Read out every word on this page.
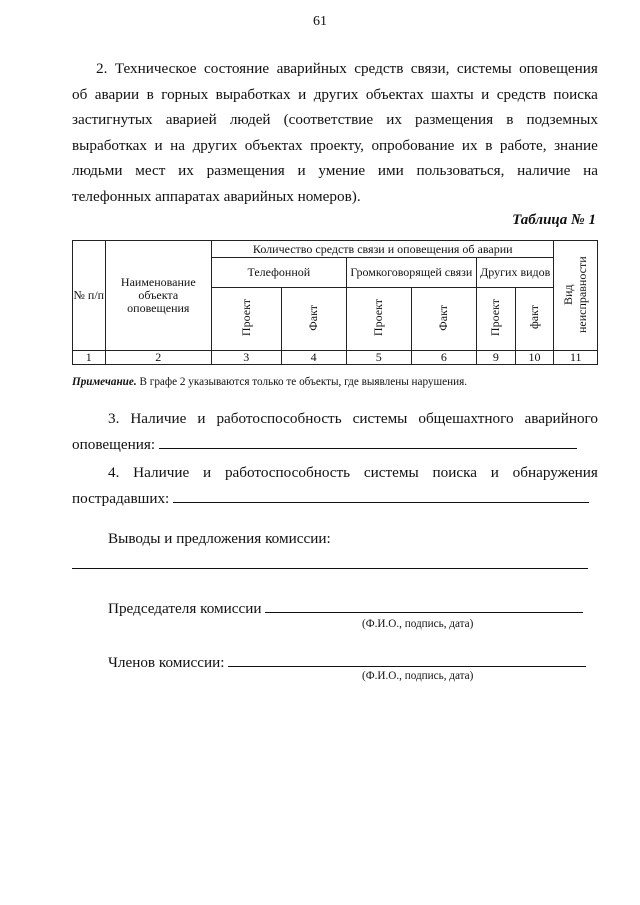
61
2. Техническое состояние аварийных средств связи, системы оповещения
об аварии в горных выработках и других объектах шахты и средств поиска
застигнутых аварией людей (соответствие их размещения в подземных
выработках и на других объектах проекту, опробование их в работе, знание
людьми мест их размещения и умение ими пользоваться, наличие на
телефонных аппаратах аварийных номеров).
Таблица № 1
№ п/п	Наименование объекта оповещения	Количество средств связи и оповещения об аварии						Вид неисправности
		Телефонной		Громкоговорящей связи		Других видов		
		Проект	Факт	Проект	Факт	Проект	факт	
1	2	3	4	5	6	9	10	11
Примечание. В графе 2 указываются только те объекты, где выявлены нарушения.
3. Наличие и работоспособность системы общешахтного аварийного
оповещения:
4. Наличие и работоспособность системы поиска и обнаружения
пострадавших:
Выводы и предложения комиссии:
Председателя комиссии
(Ф.И.О., подпись, дата)
Членов комиссии:
(Ф.И.О., подпись, дата)
